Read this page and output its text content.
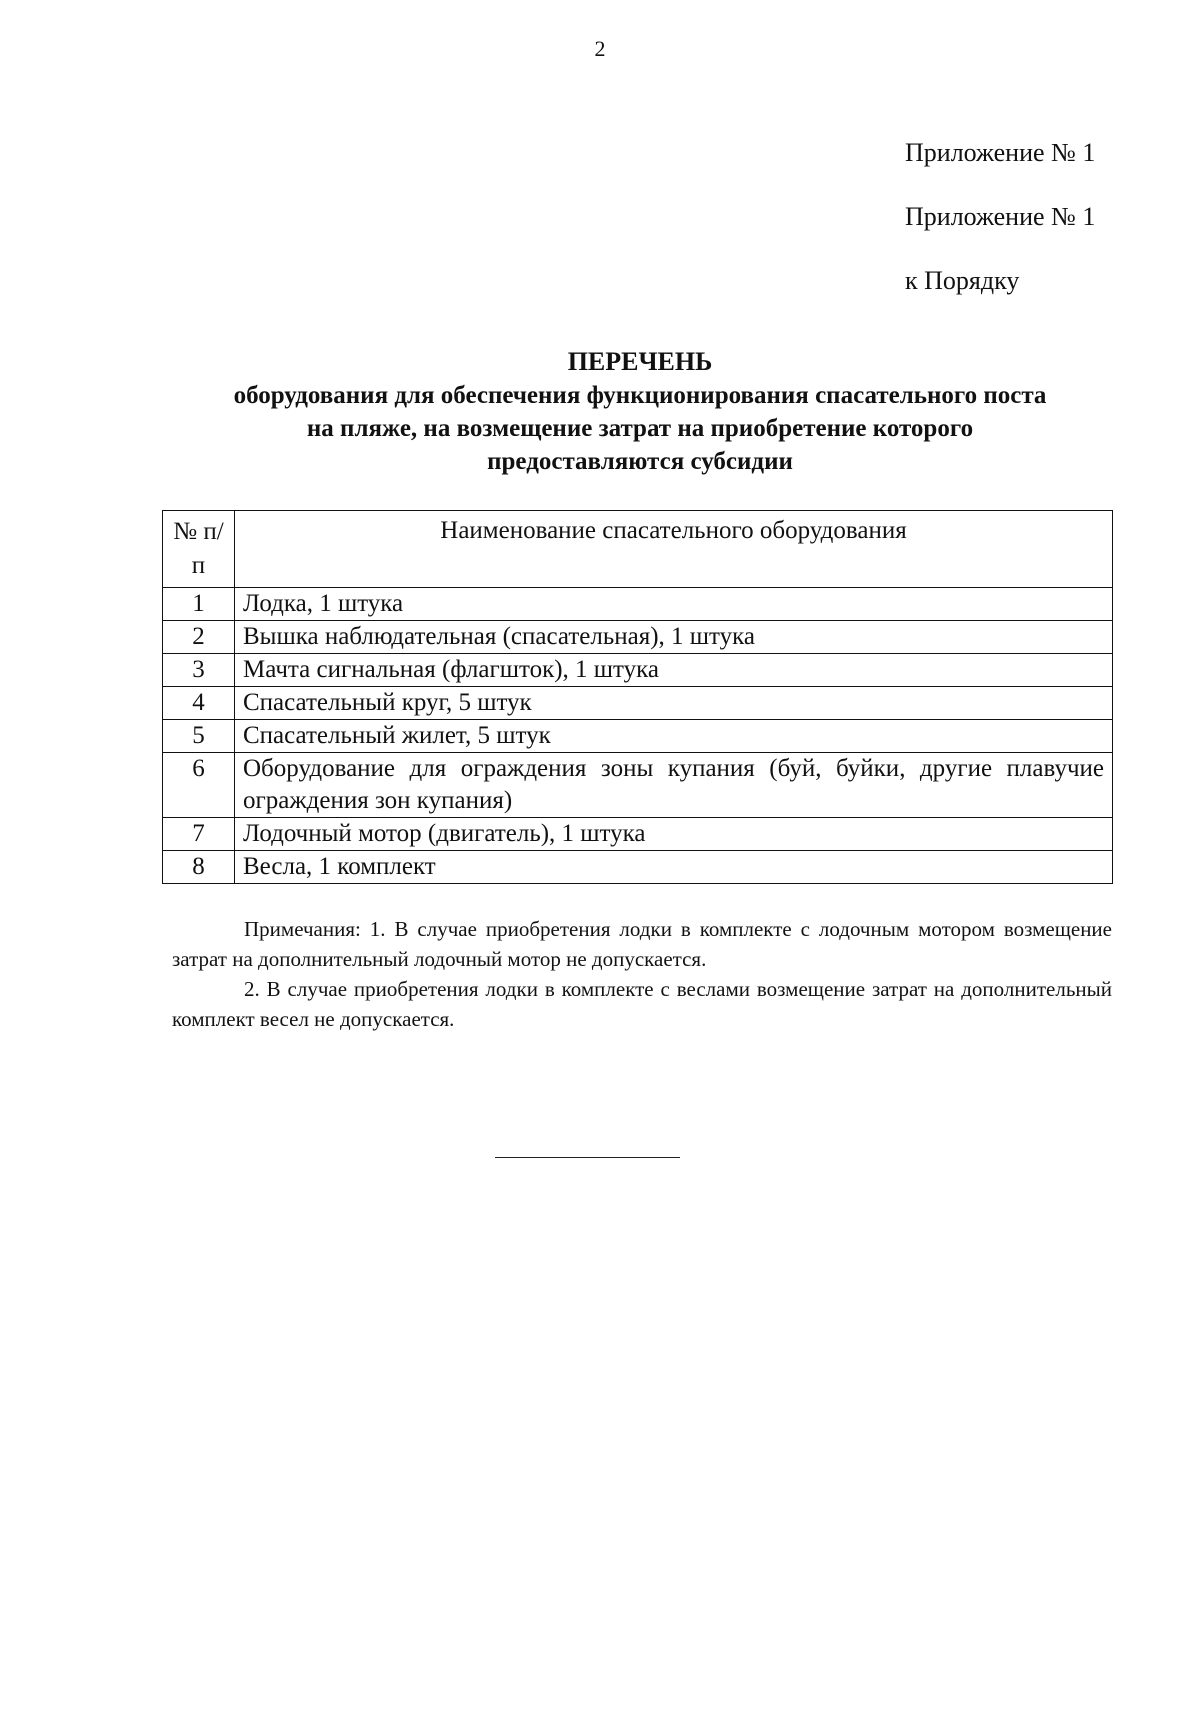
2
Приложение № 1
Приложение № 1
к Порядку
ПЕРЕЧЕНЬ
оборудования для обеспечения функционирования спасательного поста
на пляже, на возмещение затрат на приобретение которого
предоставляются субсидии
№ п/п	Наименование спасательного оборудования
1	Лодка, 1 штука
2	Вышка наблюдательная (спасательная), 1 штука
3	Мачта сигнальная (флагшток), 1 штука
4	Спасательный круг, 5 штук
5	Спасательный жилет, 5 штук
6	Оборудование для ограждения зоны купания (буй, буйки, другие плавучие ограждения зон купания)
7	Лодочный мотор (двигатель), 1 штука
8	Весла, 1 комплект

Примечания: 1. В случае приобретения лодки в комплекте с лодочным мотором возмещение затрат на дополнительный лодочный мотор не допускается.

2. В случае приобретения лодки в комплекте с веслами возмещение затрат на дополнительный комплект весел не допускается.
